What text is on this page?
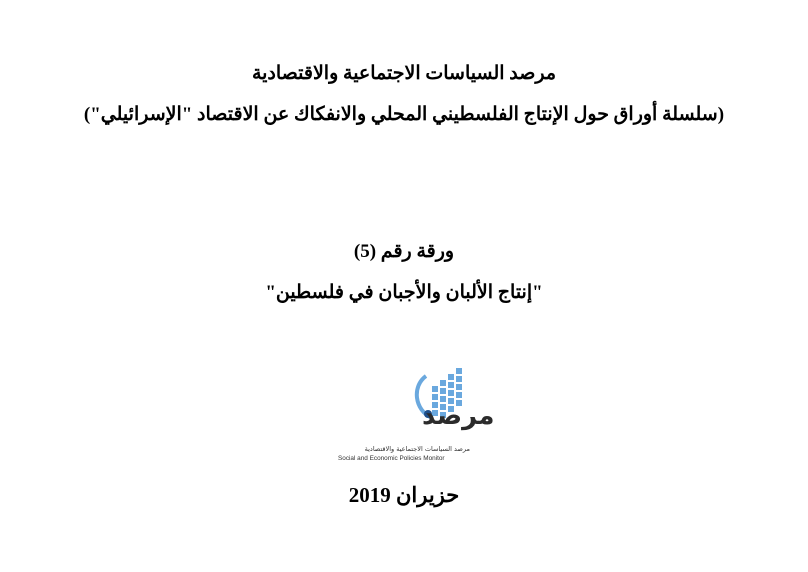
مرصد السياسات الاجتماعية والاقتصادية
(سلسلة أوراق حول الإنتاج الفلسطيني المحلي والانفكاك عن الاقتصاد "الإسرائيلي")
ورقة رقم (5)
"إنتاج الألبان والأجبان في فلسطين"
مرصد
مرصد السياسات الاجتماعية والاقتصادية
Social and Economic Policies Monitor
حزيران 2019
